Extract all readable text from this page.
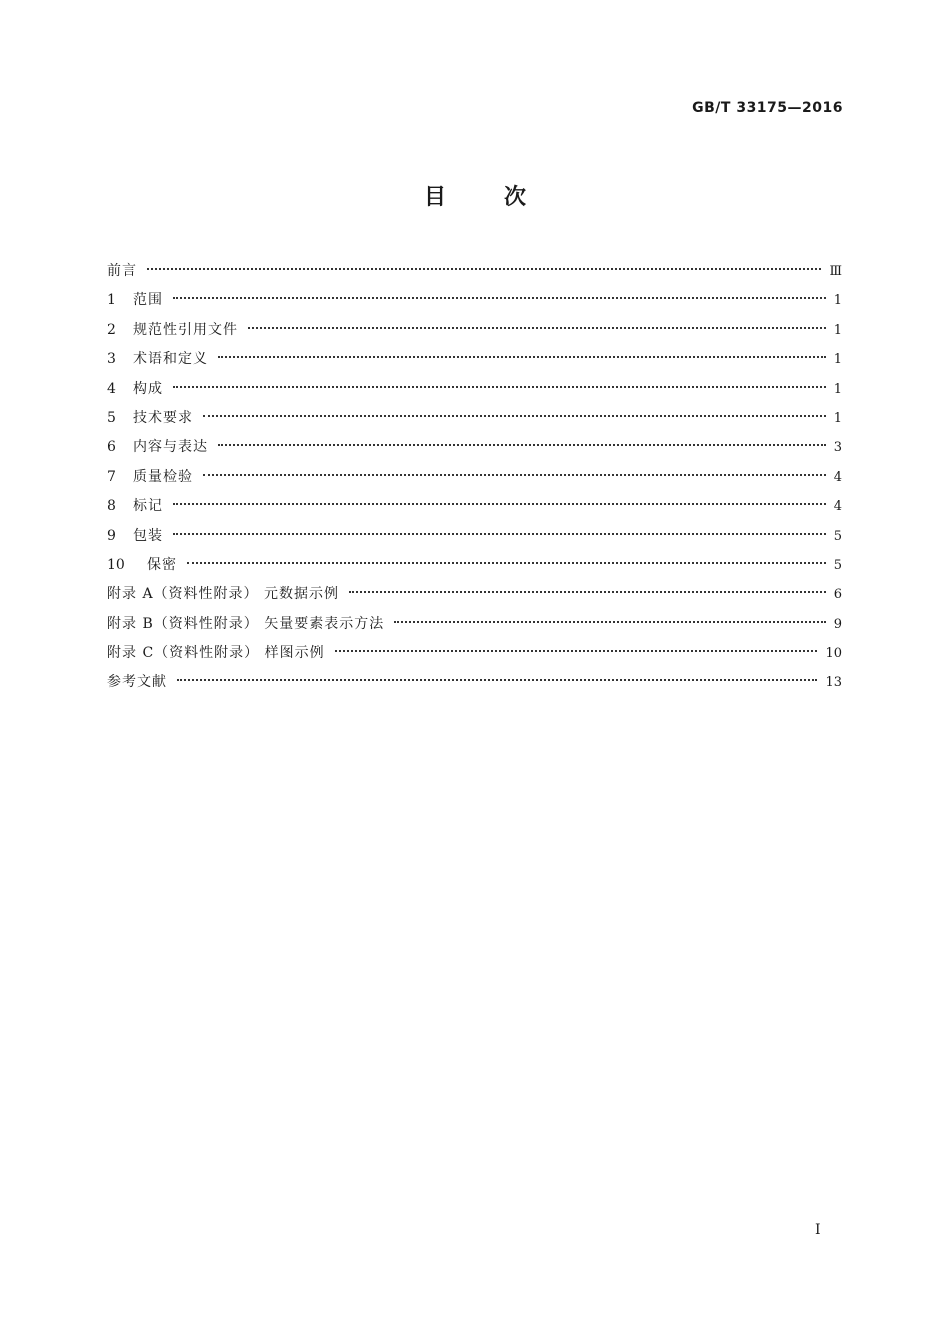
GB/T 33175—2016
目	次
前言	Ⅲ
1 范围	1
2 规范性引用文件	1
3 术语和定义	1
4 构成	1
5 技术要求	1
6 内容与表达	3
7 质量检验	4
8 标记	4
9 包装	5
10 保密	5
附录 A（资料性附录） 元数据示例	6
附录 B（资料性附录） 矢量要素表示方法	9
附录 C（资料性附录） 样图示例	10
参考文献	13
I
